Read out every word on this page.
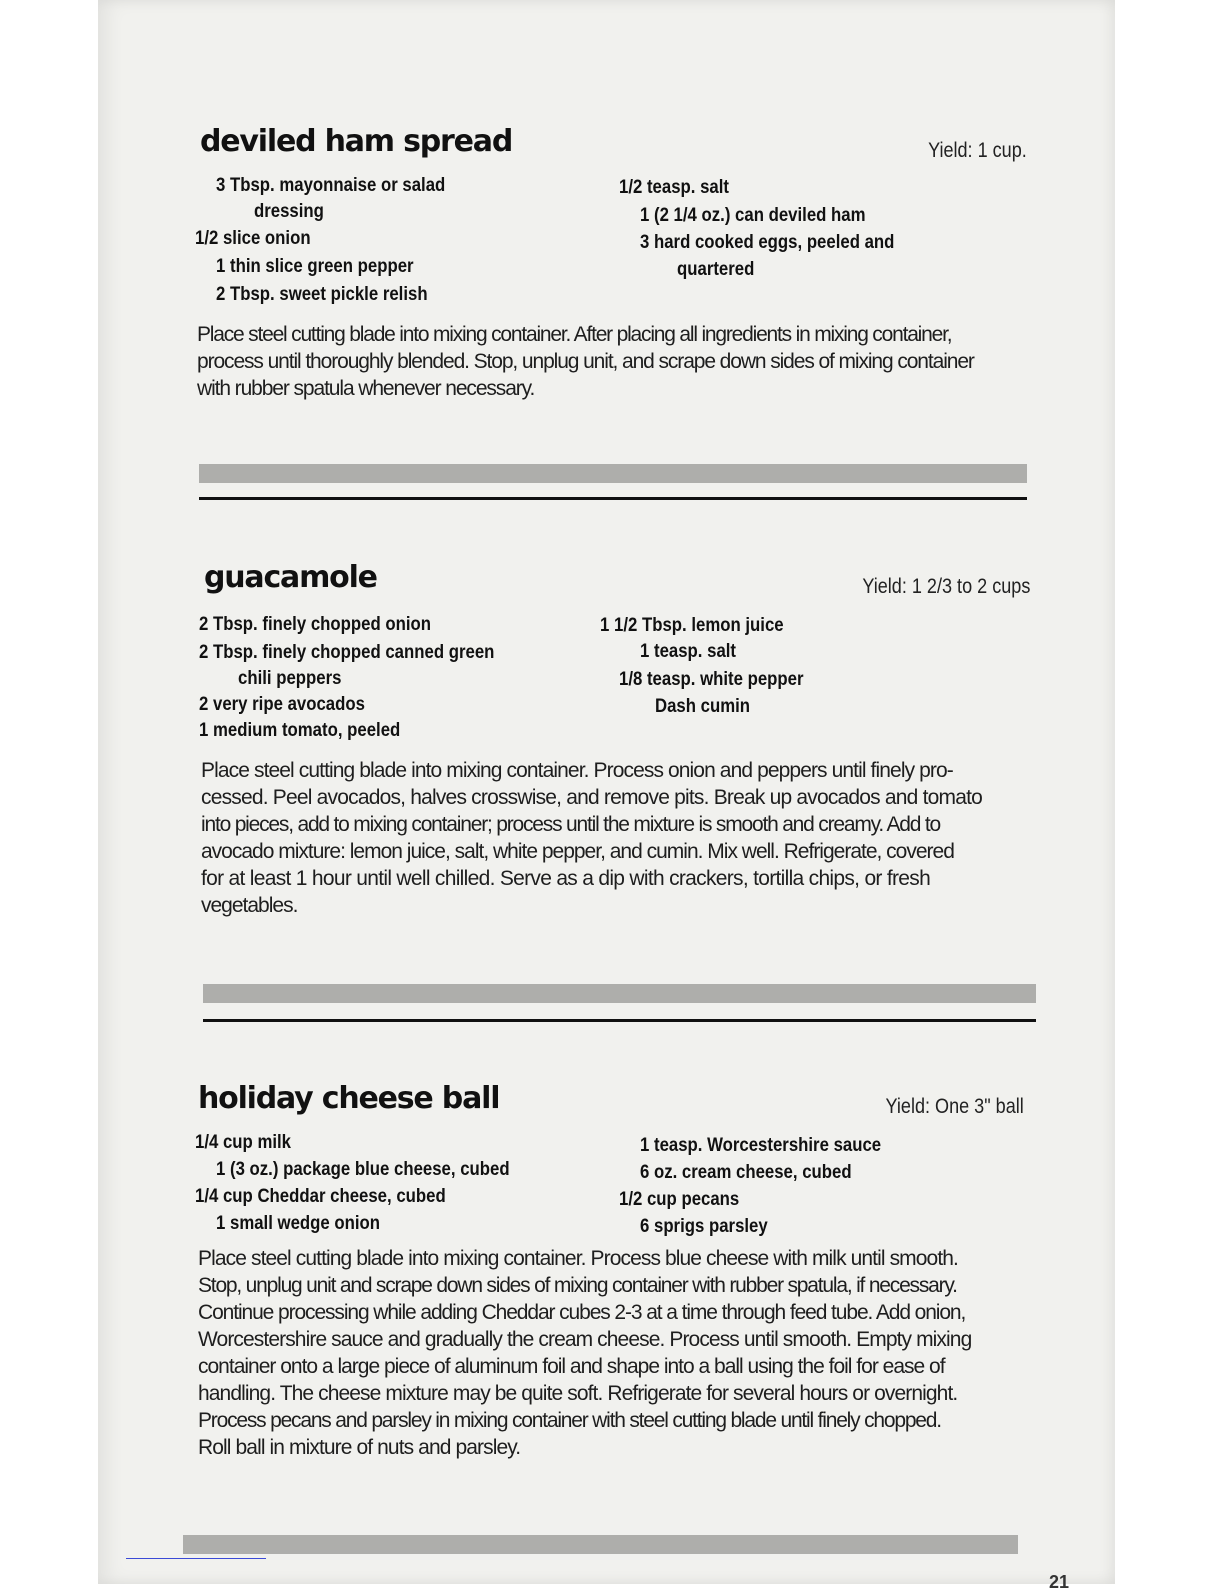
deviled ham spread	Yield: 1 cup.
3 Tbsp. mayonnaise or salad
dressing
1/2 slice onion
1 thin slice green pepper
2 Tbsp. sweet pickle relish
1/2 teasp. salt
1 (2 1/4 oz.) can deviled ham
3 hard cooked eggs, peeled and
quartered
Place steel cutting blade into mixing container. After placing all ingredients in mixing container,
process until thoroughly blended. Stop, unplug unit, and scrape down sides of mixing container
with rubber spatula whenever necessary.
guacamole	Yield: 1 2/3 to 2 cups
2 Tbsp. finely chopped onion
2 Tbsp. finely chopped canned green
chili peppers
2 very ripe avocados
1 medium tomato, peeled
1 1/2 Tbsp. lemon juice
1 teasp. salt
1/8 teasp. white pepper
Dash cumin
Place steel cutting blade into mixing container. Process onion and peppers until finely pro-
cessed. Peel avocados, halves crosswise, and remove pits. Break up avocados and tomato
into pieces, add to mixing container; process until the mixture is smooth and creamy. Add to
avocado mixture: lemon juice, salt, white pepper, and cumin. Mix well. Refrigerate, covered
for at least 1 hour until well chilled. Serve as a dip with crackers, tortilla chips, or fresh
vegetables.
holiday cheese ball	Yield: One 3" ball
1/4 cup milk
1 (3 oz.) package blue cheese, cubed
1/4 cup Cheddar cheese, cubed
1 small wedge onion
1 teasp. Worcestershire sauce
6 oz. cream cheese, cubed
1/2 cup pecans
6 sprigs parsley
Place steel cutting blade into mixing container. Process blue cheese with milk until smooth.
Stop, unplug unit and scrape down sides of mixing container with rubber spatula, if necessary.
Continue processing while adding Cheddar cubes 2-3 at a time through feed tube. Add onion,
Worcestershire sauce and gradually the cream cheese. Process until smooth. Empty mixing
container onto a large piece of aluminum foil and shape into a ball using the foil for ease of
handling. The cheese mixture may be quite soft. Refrigerate for several hours or overnight.
Process pecans and parsley in mixing container with steel cutting blade until finely chopped.
Roll ball in mixture of nuts and parsley.
21
